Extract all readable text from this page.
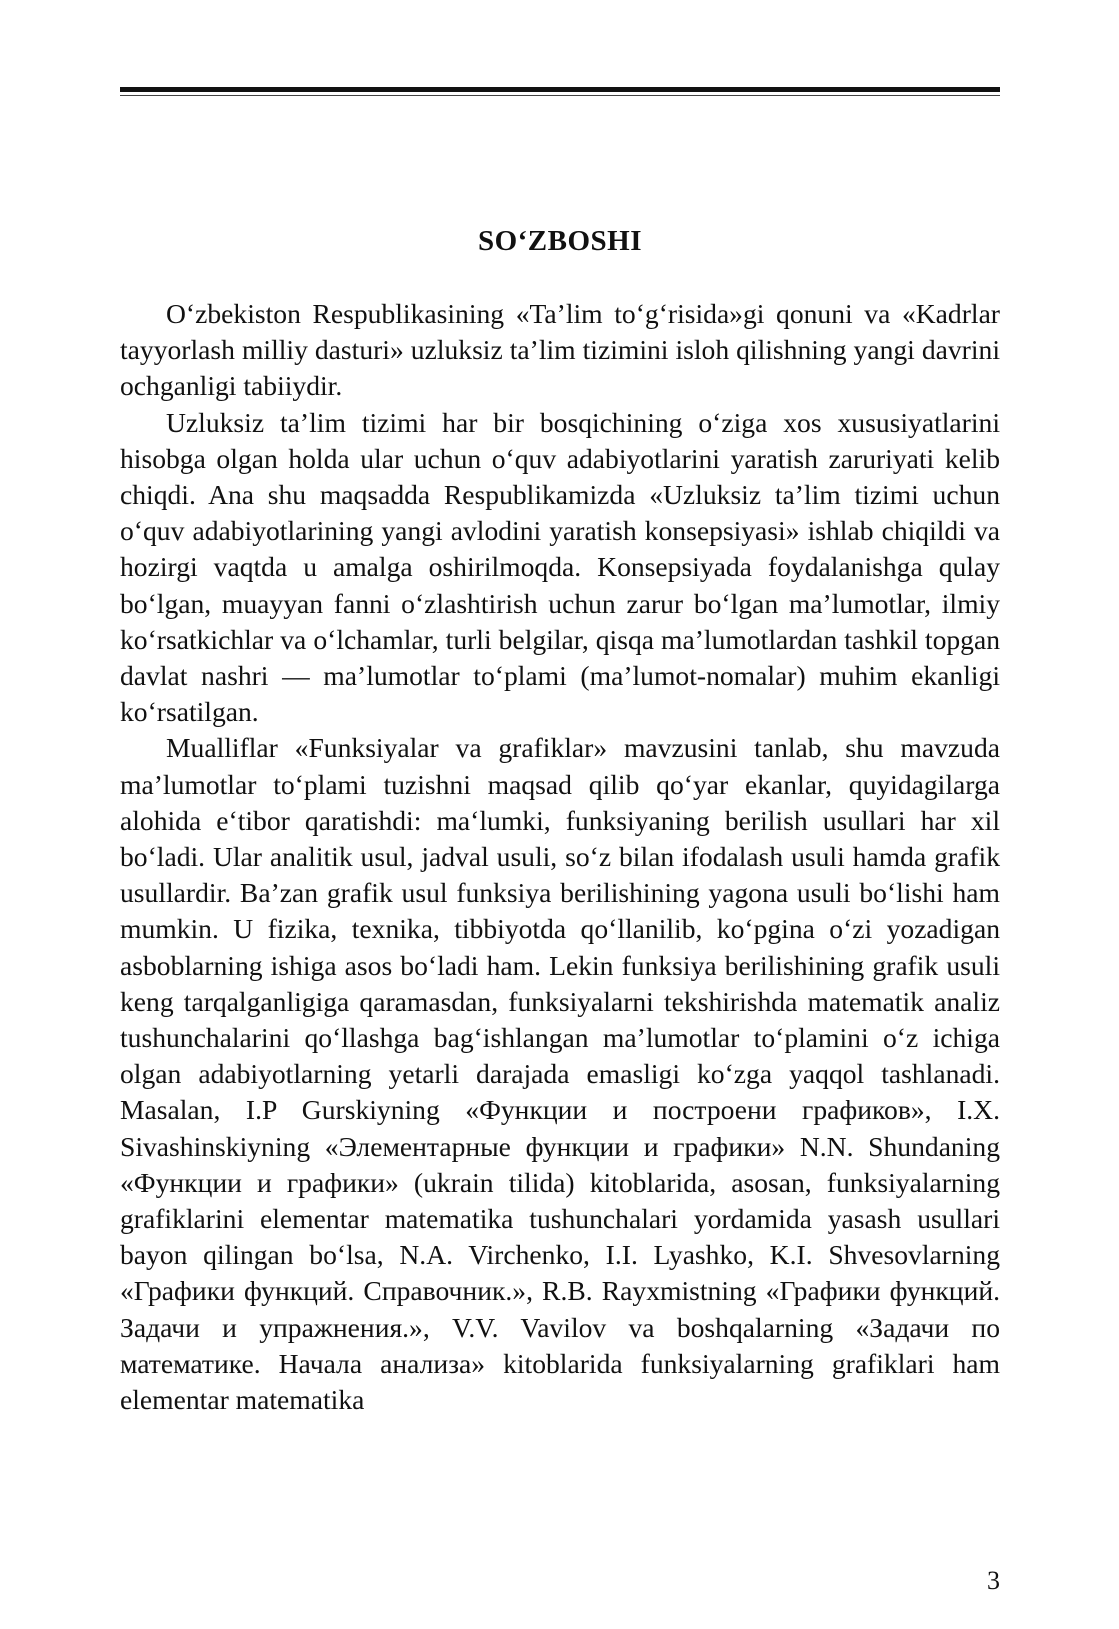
SO‘ZBOSHI

O‘zbekiston Respublikasining «Ta’lim to‘g‘risida»gi qonuni va «Kadrlar tayyorlash milliy dasturi» uzluksiz ta’lim tizimini isloh qilishning yangi davrini ochganligi tabiiydir.

Uzluksiz ta’lim tizimi har bir bosqichining o‘ziga xos xususiyatlarini hisobga olgan holda ular uchun o‘quv adabiyotlarini yaratish zaruriyati kelib chiqdi. Ana shu maqsadda Respublikamizda «Uzluksiz ta’lim tizimi uchun o‘quv adabiyotlarining yangi avlodini yaratish konsepsiyasi» ishlab chiqildi va hozirgi vaqtda u amalga oshirilmoqda. Konsepsiyada foydalanishga qulay bo‘lgan, muayyan fanni o‘zlashtirish uchun zarur bo‘lgan ma’lumotlar, ilmiy ko‘rsatkichlar va o‘lchamlar, turli belgilar, qisqa ma’lumotlardan tashkil topgan davlat nashri — ma’lumotlar to‘plami (ma’lumot-nomalar) muhim ekanligi ko‘rsatilgan.

Mualliflar «Funksiyalar va grafiklar» mavzusini tanlab, shu mavzuda ma’lumotlar to‘plami tuzishni maqsad qilib qo‘yar ekanlar, quyidagilarga alohida e‘tibor qaratishdi: ma‘lumki, funksiyaning berilish usullari har xil bo‘ladi. Ular analitik usul, jadval usuli, so‘z bilan ifodalash usuli hamda grafik usullardir. Ba’zan grafik usul funksiya berilishining yagona usuli bo‘lishi ham mumkin. U fizika, texnika, tibbiyotda qo‘llanilib, ko‘pgina o‘zi yozadigan asboblarning ishiga asos bo‘ladi ham. Lekin funksiya berilishining grafik usuli keng tarqalganligiga qaramasdan, funksiyalarni tekshirishda matematik analiz tushunchalarini qo‘llashga bag‘ishlangan ma’lumotlar to‘plamini o‘z ichiga olgan adabiyotlarning yetarli darajada emasligi ko‘zga yaqqol tashlanadi. Masalan, I.P Gurskiyning «Функции и построени графиков», I.X. Sivashinskiyning «Элементарные функции и графики» N.N. Shundaning «Функции и графики» (ukrain tilida) kitoblarida, asosan, funksiyalarning grafiklarini elementar matematika tushunchalari yordamida yasash usullari bayon qilingan bo‘lsa, N.A. Virchenko, I.I. Lyashko, K.I. Shvesovlarning «Графики функций. Справочник.», R.B. Rayxmistning «Графики функций. Задачи и упражнения.», V.V. Vavilov va boshqalarning «Задачи по математике. Начала анализа» kitoblarida funksiyalarning grafiklari ham elementar matematika

3
